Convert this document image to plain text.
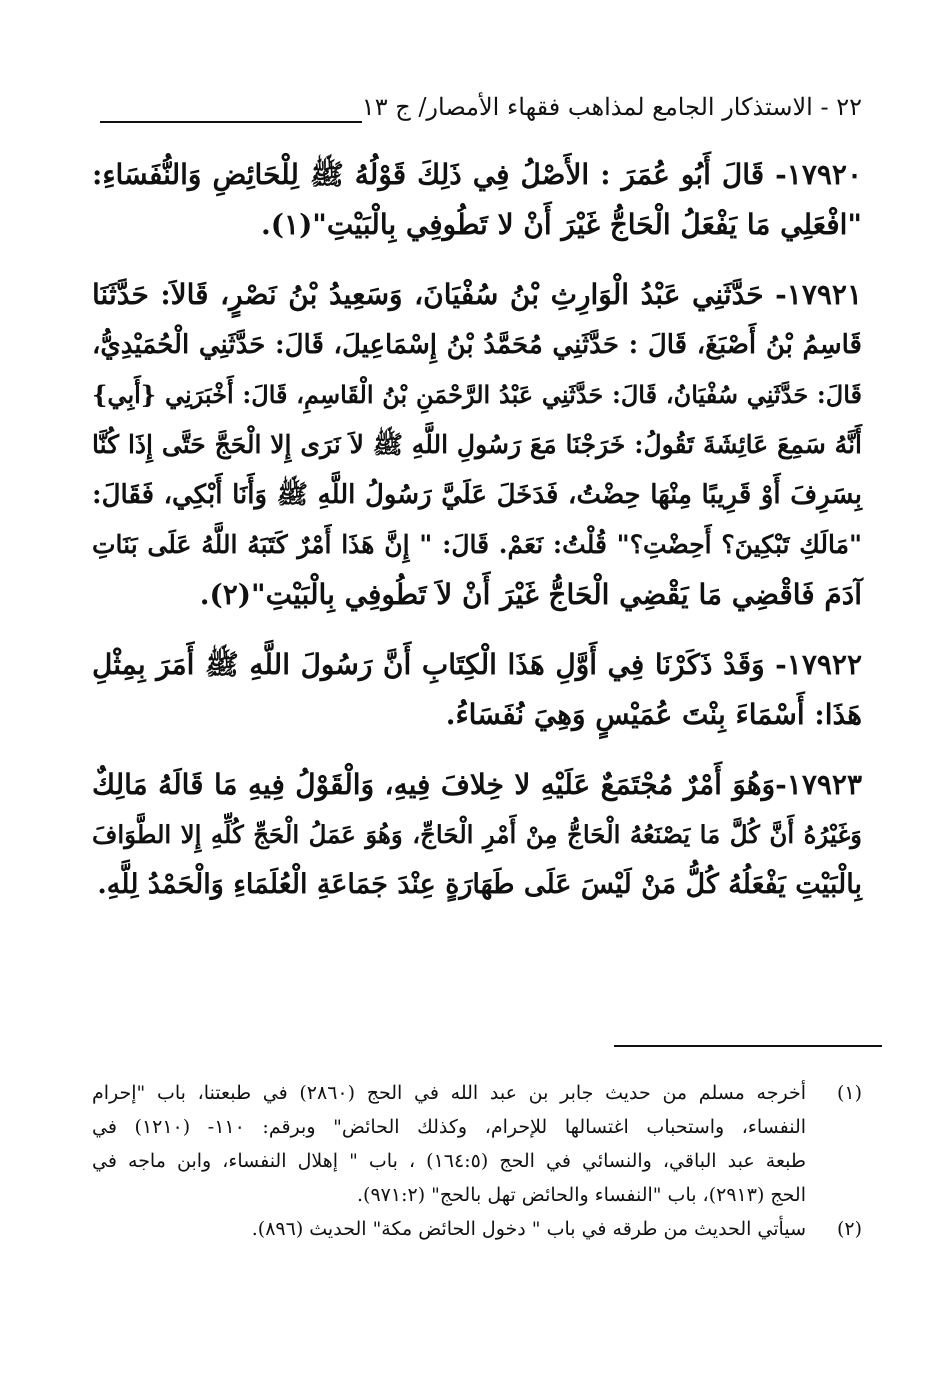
٢٢ - الاستذكار الجامع لمذاهب فقهاء الأمصار/ ج ١٣

١٧٩٢٠- قَالَ أَبُو عُمَرَ : الأَصْلُ فِي ذَلِكَ قَوْلُهُ ﷺ لِلْحَائِضِ وَالنُّفَسَاءِ:
"افْعَلِي مَا يَفْعَلُ الْحَاجُّ غَيْرَ أَنْ لا تَطُوفِي بِالْبَيْتِ"(١).

١٧٩٢١- حَدَّثَنِي عَبْدُ الْوَارِثِ بْنُ سُفْيَانَ، وَسَعِيدُ بْنُ نَصْرٍ، قَالاَ: حَدَّثَنَا
قَاسِمُ بْنُ أَصْبَغَ، قَالَ : حَدَّثَنِي مُحَمَّدُ بْنُ إِسْمَاعِيلَ، قَالَ: حَدَّثَنِي الْحُمَيْدِيُّ،
قَالَ: حَدَّثَنِي سُفْيَانُ، قَالَ: حَدَّثَنِي عَبْدُ الرَّحْمَنِ بْنُ الْقَاسِمِ، قَالَ: أَخْبَرَنِي {أَبِي}
أَنَّهُ سَمِعَ عَائِشَةَ تَقُولُ: خَرَجْنَا مَعَ رَسُولِ اللَّهِ ﷺ لاَ نَرَى إِلا الْحَجَّ حَتَّى إِذَا كُنَّا
بِسَرِفَ أَوْ قَرِيبًا مِنْهَا حِضْتُ، فَدَخَلَ عَلَيَّ رَسُولُ اللَّهِ ﷺ وَأَنَا أَبْكِي، فَقَالَ:
"مَالَكِ تَبْكِينَ؟ أَحِضْتِ؟" قُلْتُ: نَعَمْ. قَالَ: " إِنَّ هَذَا أَمْرٌ كَتَبَهُ اللَّهُ عَلَى بَنَاتِ
آدَمَ فَاقْضِي مَا يَقْضِي الْحَاجُّ غَيْرَ أَنْ لاَ تَطُوفِي بِالْبَيْتِ"(٢).

١٧٩٢٢- وَقَدْ ذَكَرْنَا فِي أَوَّلِ هَذَا الْكِتَابِ أَنَّ رَسُولَ اللَّهِ ﷺ أَمَرَ بِمِثْلِ
هَذَا: أَسْمَاءَ بِنْتَ عُمَيْسٍ وَهِيَ نُفَسَاءُ.

١٧٩٢٣-وَهُوَ أَمْرٌ مُجْتَمَعٌ عَلَيْهِ لا خِلافَ فِيهِ، وَالْقَوْلُ فِيهِ مَا قَالَهُ مَالِكٌ
وَغَيْرُهُ أَنَّ كُلَّ مَا يَصْنَعُهُ الْحَاجُّ مِنْ أَمْرِ الْحَاجِّ، وَهُوَ عَمَلُ الْحَجِّ كُلِّهِ إِلا الطَّوَافَ
بِالْبَيْتِ يَفْعَلُهُ كُلُّ مَنْ لَيْسَ عَلَى طَهَارَةٍ عِنْدَ جَمَاعَةِ الْعُلَمَاءِ وَالْحَمْدُ لِلَّهِ.

(١)
أخرجه مسلم من حديث جابر بن عبد الله في الحج (٢٨٦٠) في طبعتنا، باب "إحرام
النفساء، واستحباب اغتسالها للإحرام، وكذلك الحائض" وبرقم: ١١٠- (١٢١٠) في
طبعة عبد الباقي، والنسائي في الحج (١٦٤:٥) ، باب " إهلال النفساء، وابن ماجه في
الحج (٢٩١٣)، باب "النفساء والحائض تهل بالحج" (٩٧١:٢).
(٢)
سيأتي الحديث من طرقه في باب " دخول الحائض مكة" الحديث (٨٩٦).
